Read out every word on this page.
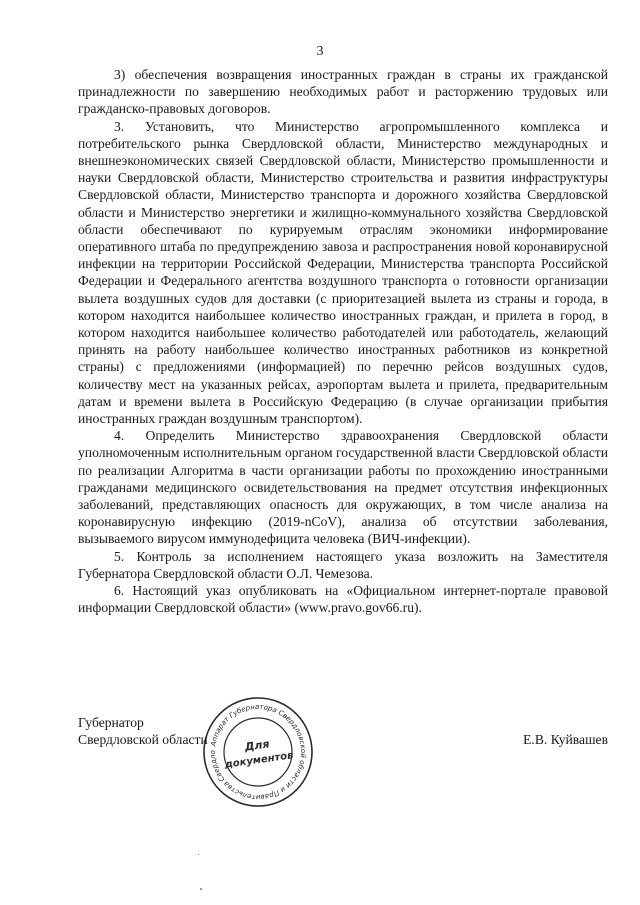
3

3) обеспечения возвращения иностранных граждан в страны их гражданской принадлежности по завершению необходимых работ и расторжению трудовых или гражданско-правовых договоров.

3. Установить, что Министерство агропромышленного комплекса и потребительского рынка Свердловской области, Министерство международных и внешнеэкономических связей Свердловской области, Министерство промышленности и науки Свердловской области, Министерство строительства и развития инфраструктуры Свердловской области, Министерство транспорта и дорожного хозяйства Свердловской области и Министерство энергетики и жилищно-коммунального хозяйства Свердловской области обеспечивают по курируемым отраслям экономики информирование оперативного штаба по предупреждению завоза и распространения новой коронавирусной инфекции на территории Российской Федерации, Министерства транспорта Российской Федерации и Федерального агентства воздушного транспорта о готовности организации вылета воздушных судов для доставки (с приоритезацией вылета из страны и города, в котором находится наибольшее количество иностранных граждан, и прилета в город, в котором находится наибольшее количество работодателей или работодатель, желающий принять на работу наибольшее количество иностранных работников из конкретной страны) с предложениями (информацией) по перечню рейсов воздушных судов, количеству мест на указанных рейсах, аэропортам вылета и прилета, предварительным датам и времени вылета в Российскую Федерацию (в случае организации прибытия иностранных граждан воздушным транспортом).

4. Определить Министерство здравоохранения Свердловской области уполномоченным исполнительным органом государственной власти Свердловской области по реализации Алгоритма в части организации работы по прохождению иностранными гражданами медицинского освидетельствования на предмет отсутствия инфекционных заболеваний, представляющих опасность для окружающих, в том числе анализа на коронавирусную инфекцию (2019-nCoV), анализа об отсутствии заболевания, вызываемого вирусом иммунодефицита человека (ВИЧ-инфекции).

5. Контроль за исполнением настоящего указа возложить на Заместителя Губернатора Свердловской области О.Л. Чемезова.

6. Настоящий указ опубликовать на «Официальном интернет-портале правовой информации Свердловской области» (www.pravo.gov66.ru).

Губернатор
Свердловской области	Е.В. Куйвашев
Аппарат Губернатора Свердловской области и Правительства Свердло	Для
документов
